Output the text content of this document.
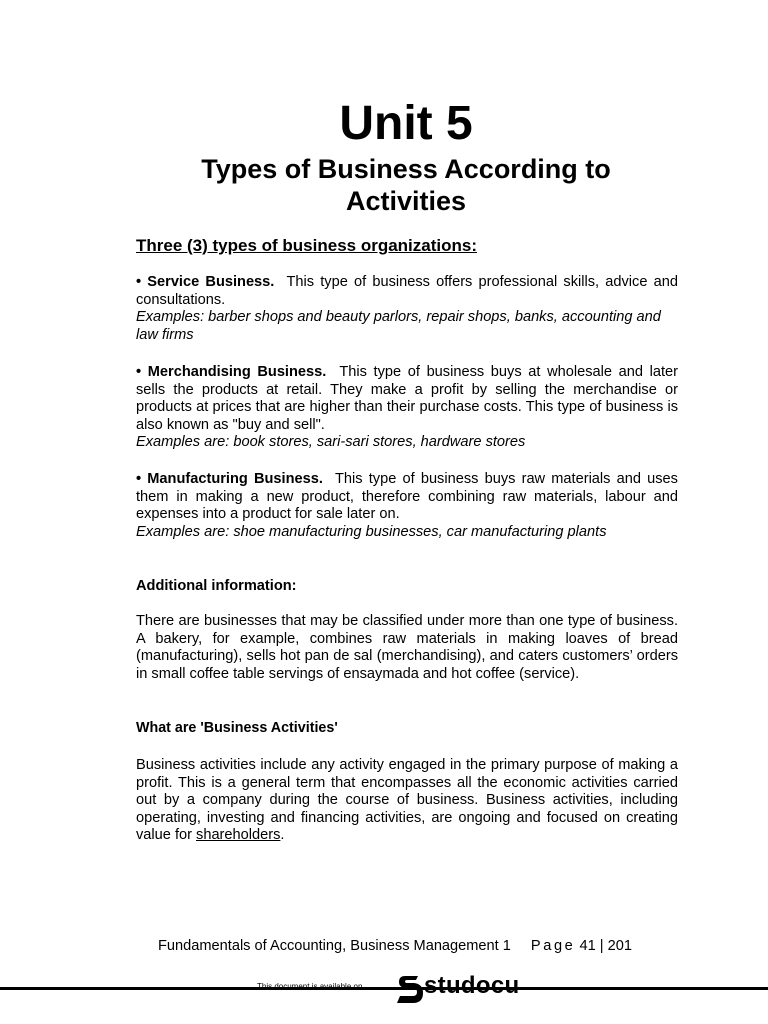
Unit 5
Types of Business According to
Activities
Three (3) types of business organizations:

• Service Business. This type of business offers professional skills, advice and consultations.

Examples: barber shops and beauty parlors, repair shops, banks, accounting and law firms

• Merchandising Business. This type of business buys at wholesale and later sells the products at retail. They make a profit by selling the merchandise or products at prices that are higher than their purchase costs. This type of business is also known as "buy and sell".

Examples are: book stores, sari-sari stores, hardware stores

• Manufacturing Business. This type of business buys raw materials and uses them in making a new product, therefore combining raw materials, labour and expenses into a product for sale later on.

Examples are: shoe manufacturing businesses, car manufacturing plants

Additional information:

There are businesses that may be classified under more than one type of business. A bakery, for example, combines raw materials in making loaves of bread (manufacturing), sells hot pan de sal (merchandising), and caters customers’ orders in small coffee table servings of ensaymada and hot coffee (service).

What are 'Business Activities'

Business activities include any activity engaged in the primary purpose of making a profit. This is a general term that encompasses all the economic activities carried out by a company during the course of business. Business activities, including operating, investing and financing activities, are ongoing and focused on creating value for shareholders.

Fundamentals of Accounting, Business Management 1 Page 41 | 201
This document is available on	studocu
